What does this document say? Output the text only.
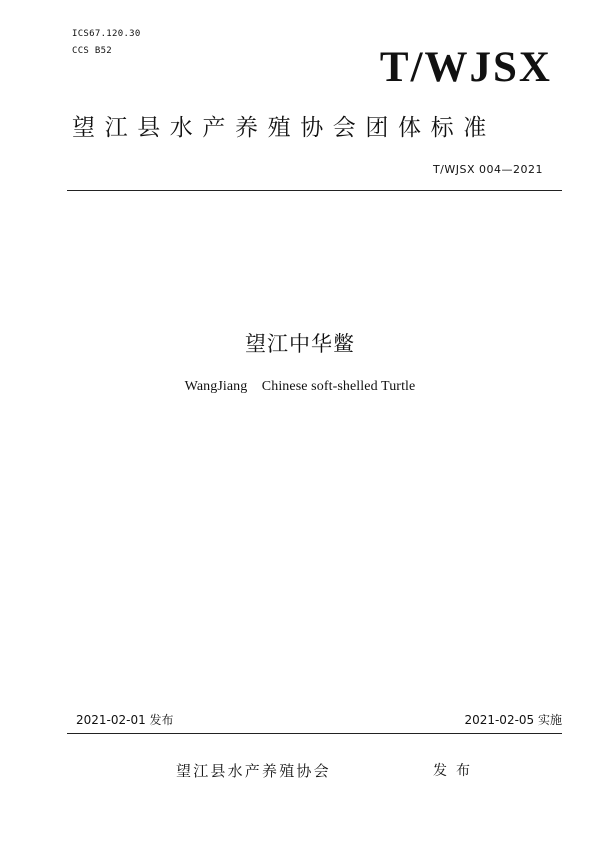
ICS67.120.30
CCS B52	T/WJSX
望江县水产养殖协会团体标准
T/WJSX 004—2021
望江中华鳖
WangJiang    Chinese soft-shelled Turtle
2021-02-01 发布	2021-02-05 实施
望江县水产养殖协会	发布
